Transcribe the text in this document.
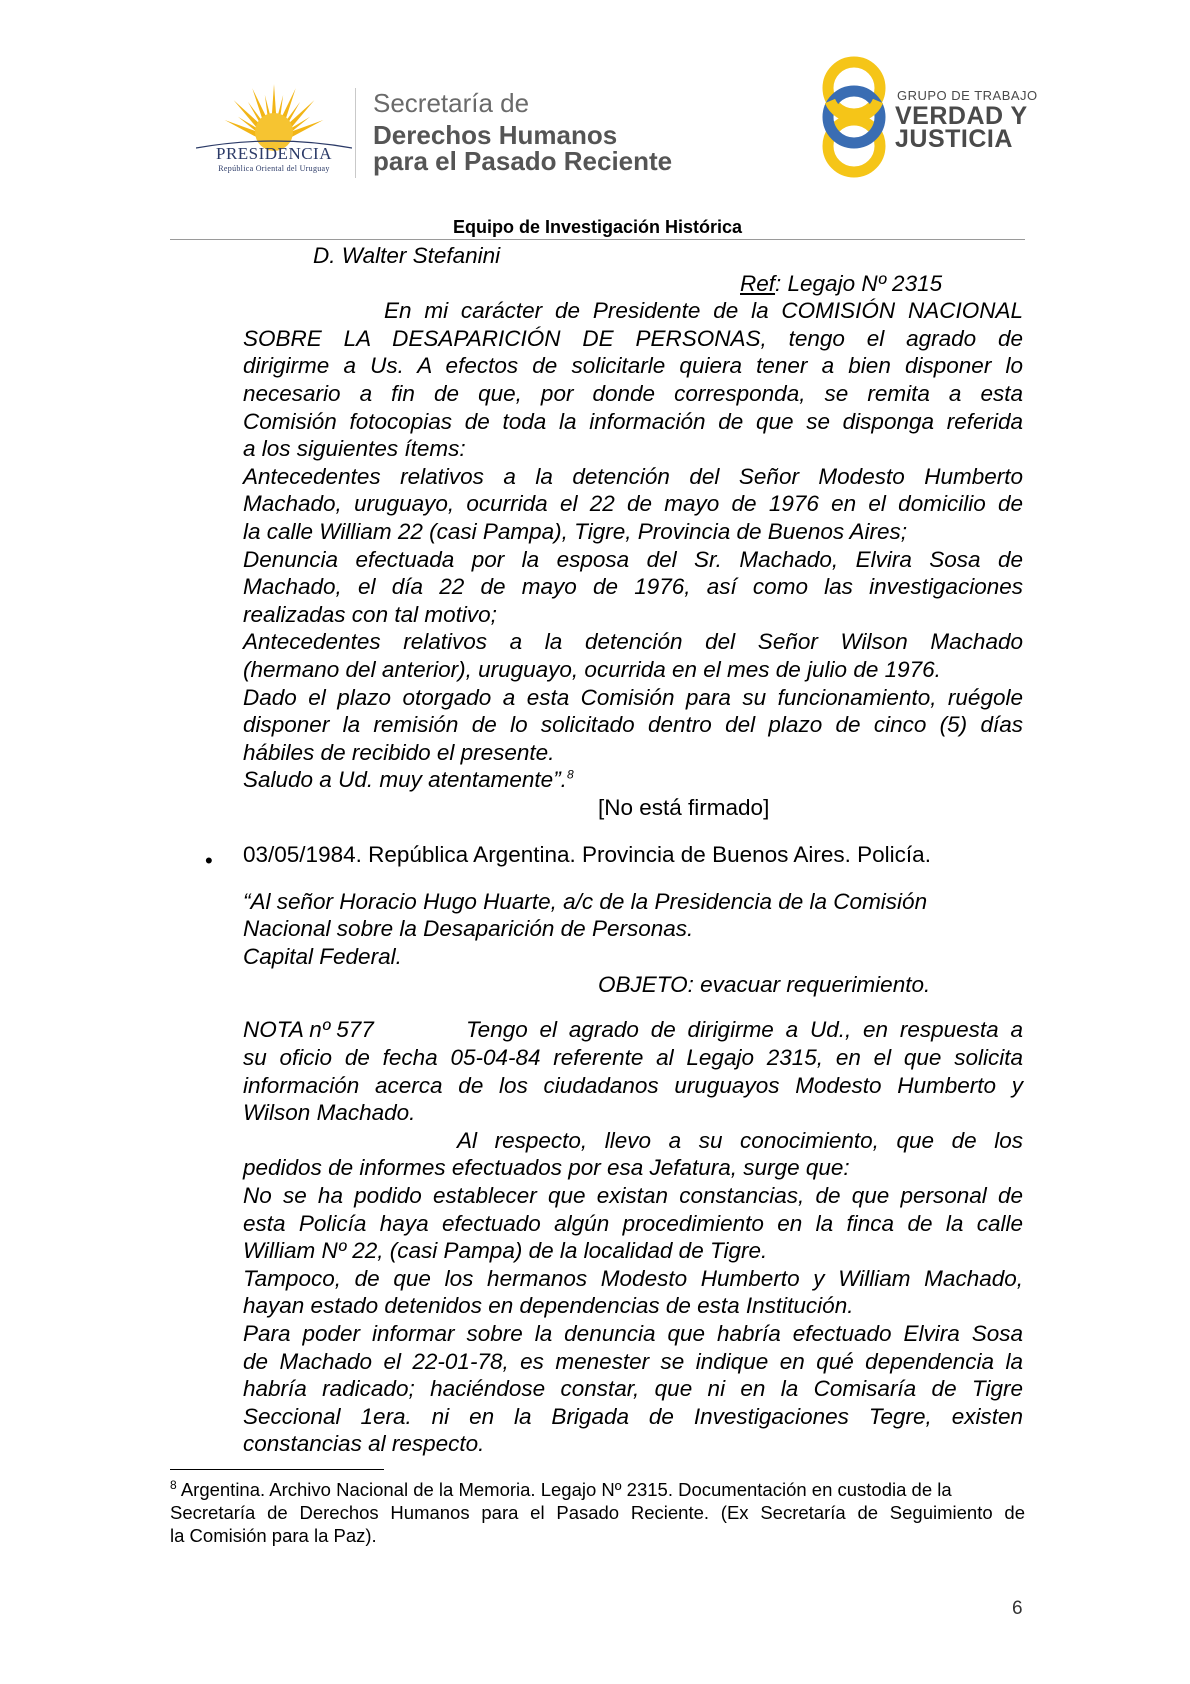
PRESIDENCIA
República Oriental del Uruguay
Secretaría de
Derechos Humanos
para el Pasado Reciente
GRUPO DE TRABAJO
VERDAD Y
JUSTICIA
Equipo de Investigación Histórica
D. Walter Stefanini
Ref: Legajo Nº 2315
En mi carácter de Presidente de la COMISIÓN NACIONAL
SOBRE LA DESAPARICIÓN DE PERSONAS, tengo el agrado de
dirigirme a Us. A efectos de solicitarle quiera tener a bien disponer lo
necesario a fin de que, por donde corresponda, se remita a esta
Comisión fotocopias de toda la información de que se disponga referida
a los siguientes ítems:
Antecedentes relativos a la detención del Señor Modesto Humberto
Machado, uruguayo, ocurrida el 22 de mayo de 1976 en el domicilio de
la calle William 22 (casi Pampa), Tigre, Provincia de Buenos Aires;
Denuncia efectuada por la esposa del Sr. Machado, Elvira Sosa de
Machado, el día 22 de mayo de 1976, así como las investigaciones
realizadas con tal motivo;
Antecedentes relativos a la detención del Señor Wilson Machado
(hermano del anterior), uruguayo, ocurrida en el mes de julio de 1976.
Dado el plazo otorgado a esta Comisión para su funcionamiento, ruégole
disponer la remisión de lo solicitado dentro del plazo de cinco (5) días
hábiles de recibido el presente.
Saludo a Ud. muy atentamente”.$^8$
[No está firmado]
• 03/05/1984. República Argentina. Provincia de Buenos Aires. Policía.
“Al señor Horacio Hugo Huarte, a/c de la Presidencia de la Comisión
Nacional sobre la Desaparición de Personas.
Capital Federal.
OBJETO: evacuar requerimiento.
NOTA nº 577	Tengo el agrado de dirigirme a Ud., en respuesta a
su oficio de fecha 05-04-84 referente al Legajo 2315, en el que solicita
información acerca de los ciudadanos uruguayos Modesto Humberto y
Wilson Machado.
Al respecto, llevo a su conocimiento, que de los
pedidos de informes efectuados por esa Jefatura, surge que:
No se ha podido establecer que existan constancias, de que personal de
esta Policía haya efectuado algún procedimiento en la finca de la calle
William Nº 22, (casi Pampa) de la localidad de Tigre.
Tampoco, de que los hermanos Modesto Humberto y William Machado,
hayan estado detenidos en dependencias de esta Institución.
Para poder informar sobre la denuncia que habría efectuado Elvira Sosa
de Machado el 22-01-78, es menester se indique en qué dependencia la
habría radicado; haciéndose constar, que ni en la Comisaría de Tigre
Seccional 1era. ni en la Brigada de Investigaciones Tegre, existen
constancias al respecto.
$^8$ Argentina. Archivo Nacional de la Memoria. Legajo Nº 2315. Documentación en custodia de la
Secretaría de Derechos Humanos para el Pasado Reciente. (Ex Secretaría de Seguimiento de
la Comisión para la Paz).
6
